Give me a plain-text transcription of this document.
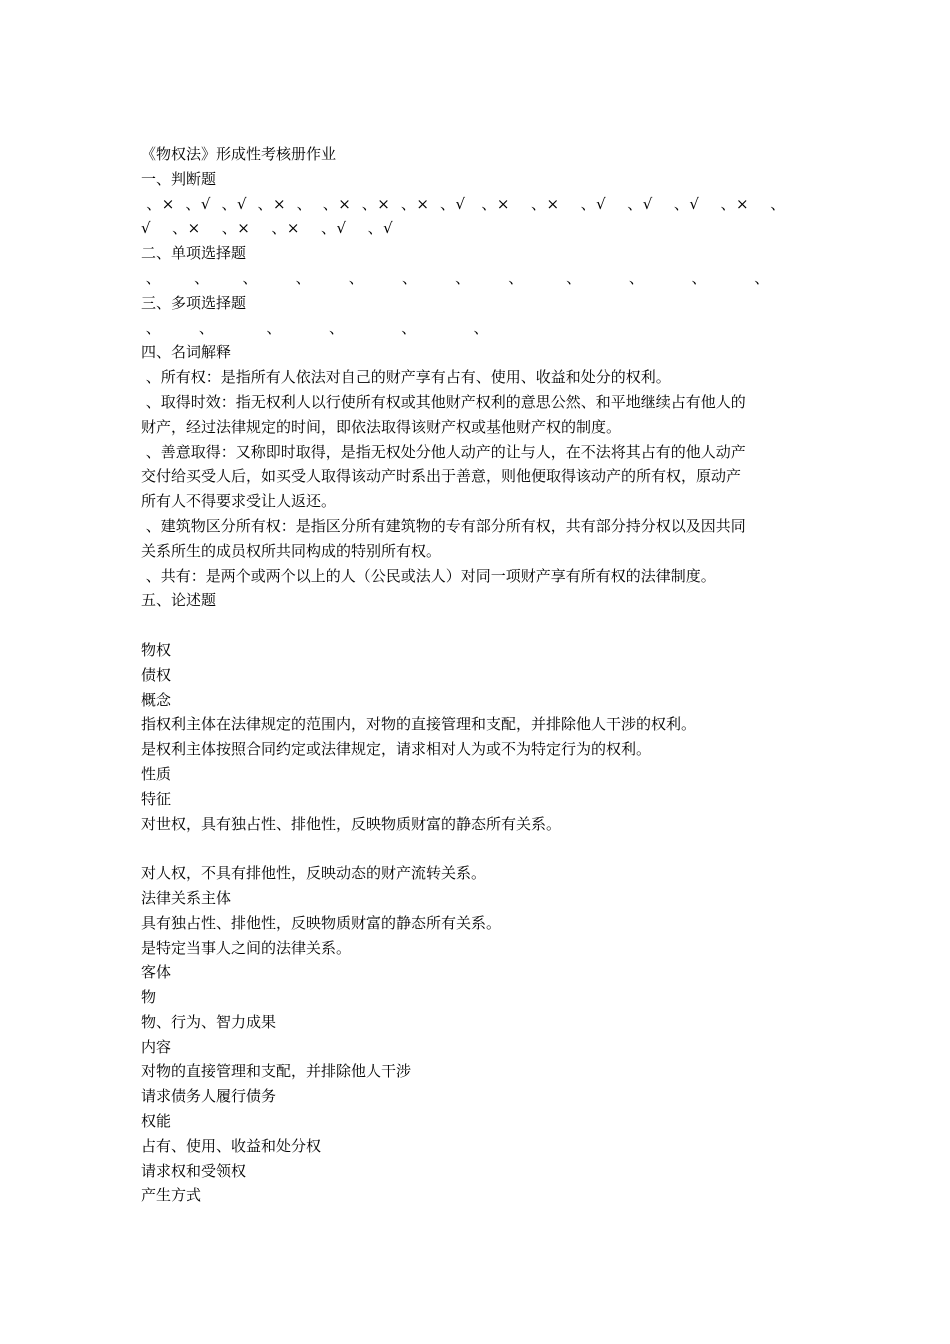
《物权法》形成性考核册作业
一、判断题
、×  、√  、√  、×  、  、×  、×  、×  、√   、×    、×    、√    、√    、√    、×    、
√    、×    、×    、×    、√    、√
二、单项选择题
、       、       、        、        、        、        、        、         、          、          、          、
三、多项选择题
、        、           、          、            、            、
四、名词解释
、所有权：是指所有人依法对自己的财产享有占有、使用、收益和处分的权利。
、取得时效：指无权利人以行使所有权或其他财产权利的意思公然、和平地继续占有他人的
财产，经过法律规定的时间，即依法取得该财产权或基他财产权的制度。
、善意取得：又称即时取得，是指无权处分他人动产的让与人，在不法将其占有的他人动产
交付给买受人后，如买受人取得该动产时系出于善意，则他便取得该动产的所有权，原动产
所有人不得要求受让人返还。
、建筑物区分所有权：是指区分所有建筑物的专有部分所有权，共有部分持分权以及因共同
关系所生的成员权所共同构成的特别所有权。
、共有：是两个或两个以上的人（公民或法人）对同一项财产享有所有权的法律制度。
五、论述题
物权
债权
概念
指权利主体在法律规定的范围内，对物的直接管理和支配，并排除他人干涉的权利。
是权利主体按照合同约定或法律规定，请求相对人为或不为特定行为的权利。
性质
特征
对世权，具有独占性、排他性，反映物质财富的静态所有关系。
对人权，不具有排他性，反映动态的财产流转关系。
法律关系主体
具有独占性、排他性，反映物质财富的静态所有关系。
是特定当事人之间的法律关系。
客体
物
物、行为、智力成果
内容
对物的直接管理和支配，并排除他人干涉
请求债务人履行债务
权能
占有、使用、收益和处分权
请求权和受领权
产生方式
